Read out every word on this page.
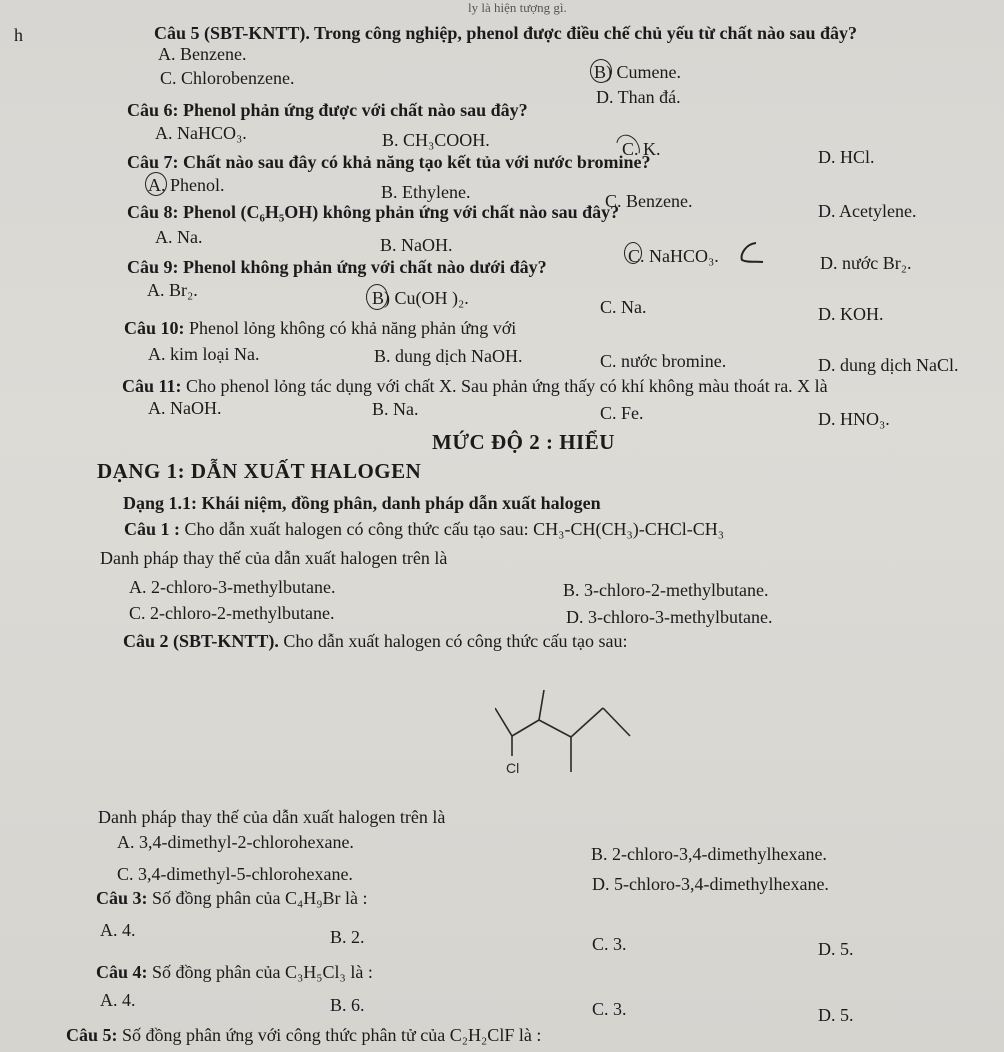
ly là hiện tượng gì.
h	Câu 5 (SBT-KNTT). Trong công nghiệp, phenol được điều chế chủ yếu từ chất nào sau đây?
A. Benzene.
B) Cumene.
C. Chlorobenzene.
D. Than đá.
Câu 6: Phenol phản ứng được với chất nào sau đây?
A. NaHCO₃.	B. CH₃COOH.	C. K.	D. HCl.
Câu 7: Chất nào sau đây có khả năng tạo kết tủa với nước bromine?
A. Phenol.	B. Ethylene.	C. Benzene.	D. Acetylene.
Câu 8: Phenol (C₆H₅OH) không phản ứng với chất nào sau đây?
A. Na.	B. NaOH.
C. NaHCO₃.	D. nước Br₂.
Câu 9: Phenol không phản ứng với chất nào dưới đây?
A. Br₂.	B) Cu(OH )₂.	C. Na.	D. KOH.
Câu 10: Phenol lỏng không có khả năng phản ứng với
A. kim loại Na.	B. dung dịch NaOH.	C. nước bromine.	D. dung dịch NaCl.
Câu 11: Cho phenol lỏng tác dụng với chất X. Sau phản ứng thấy có khí không màu thoát ra. X là
A. NaOH.	B. Na.	C. Fe.	D. HNO₃.
MỨC ĐỘ 2 : HIỂU
DẠNG 1: DẪN XUẤT HALOGEN
Dạng 1.1: Khái niệm, đồng phân, danh pháp dẫn xuất halogen
Câu 1 : Cho dẫn xuất halogen có công thức cấu tạo sau: CH₃-CH(CH₃)-CHCl-CH₃
Danh pháp thay thế của dẫn xuất halogen trên là
A. 2-chloro-3-methylbutane.	B. 3-chloro-2-methylbutane.
C. 2-chloro-2-methylbutane.	D. 3-chloro-3-methylbutane.
Câu 2 (SBT-KNTT). Cho dẫn xuất halogen có công thức cấu tạo sau:
Cl
Danh pháp thay thế của dẫn xuất halogen trên là
A. 3,4-dimethyl-2-chlorohexane.
B. 2-chloro-3,4-dimethylhexane.
C. 3,4-dimethyl-5-chlorohexane.	D. 5-chloro-3,4-dimethylhexane.
Câu 3: Số đồng phân của C₄H₉Br là :
A. 4.	B. 2.	C. 3.	D. 5.
Câu 4: Số đồng phân của C₃H₅Cl₃ là :
A. 4.	B. 6.	C. 3.	D. 5.
Câu 5: Số đồng phân ứng với công thức phân tử của C₂H₂ClF là :
